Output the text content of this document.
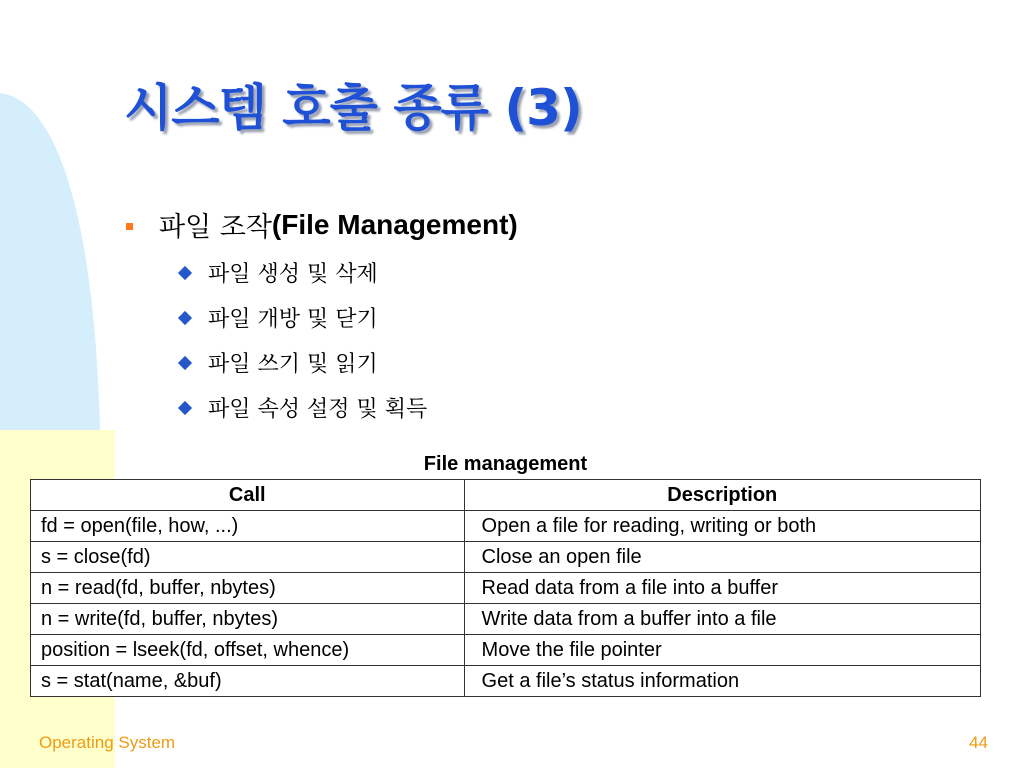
시스템 호출 종류 (3)
파일 조작 (File Management)
파일 생성 및 삭제
파일 개방 및 닫기
파일 쓰기 및 읽기
파일 속성 설정 및 획득
File management
Call	Description
fd = open(file, how, ...)	Open a file for reading, writing or both
s = close(fd)	Close an open file
n = read(fd, buffer, nbytes)	Read data from a file into a buffer
n = write(fd, buffer, nbytes)	Write data from a buffer into a file
position = lseek(fd, offset, whence)	Move the file pointer
s = stat(name, &buf)	Get a file’s status information
Operating System	44
